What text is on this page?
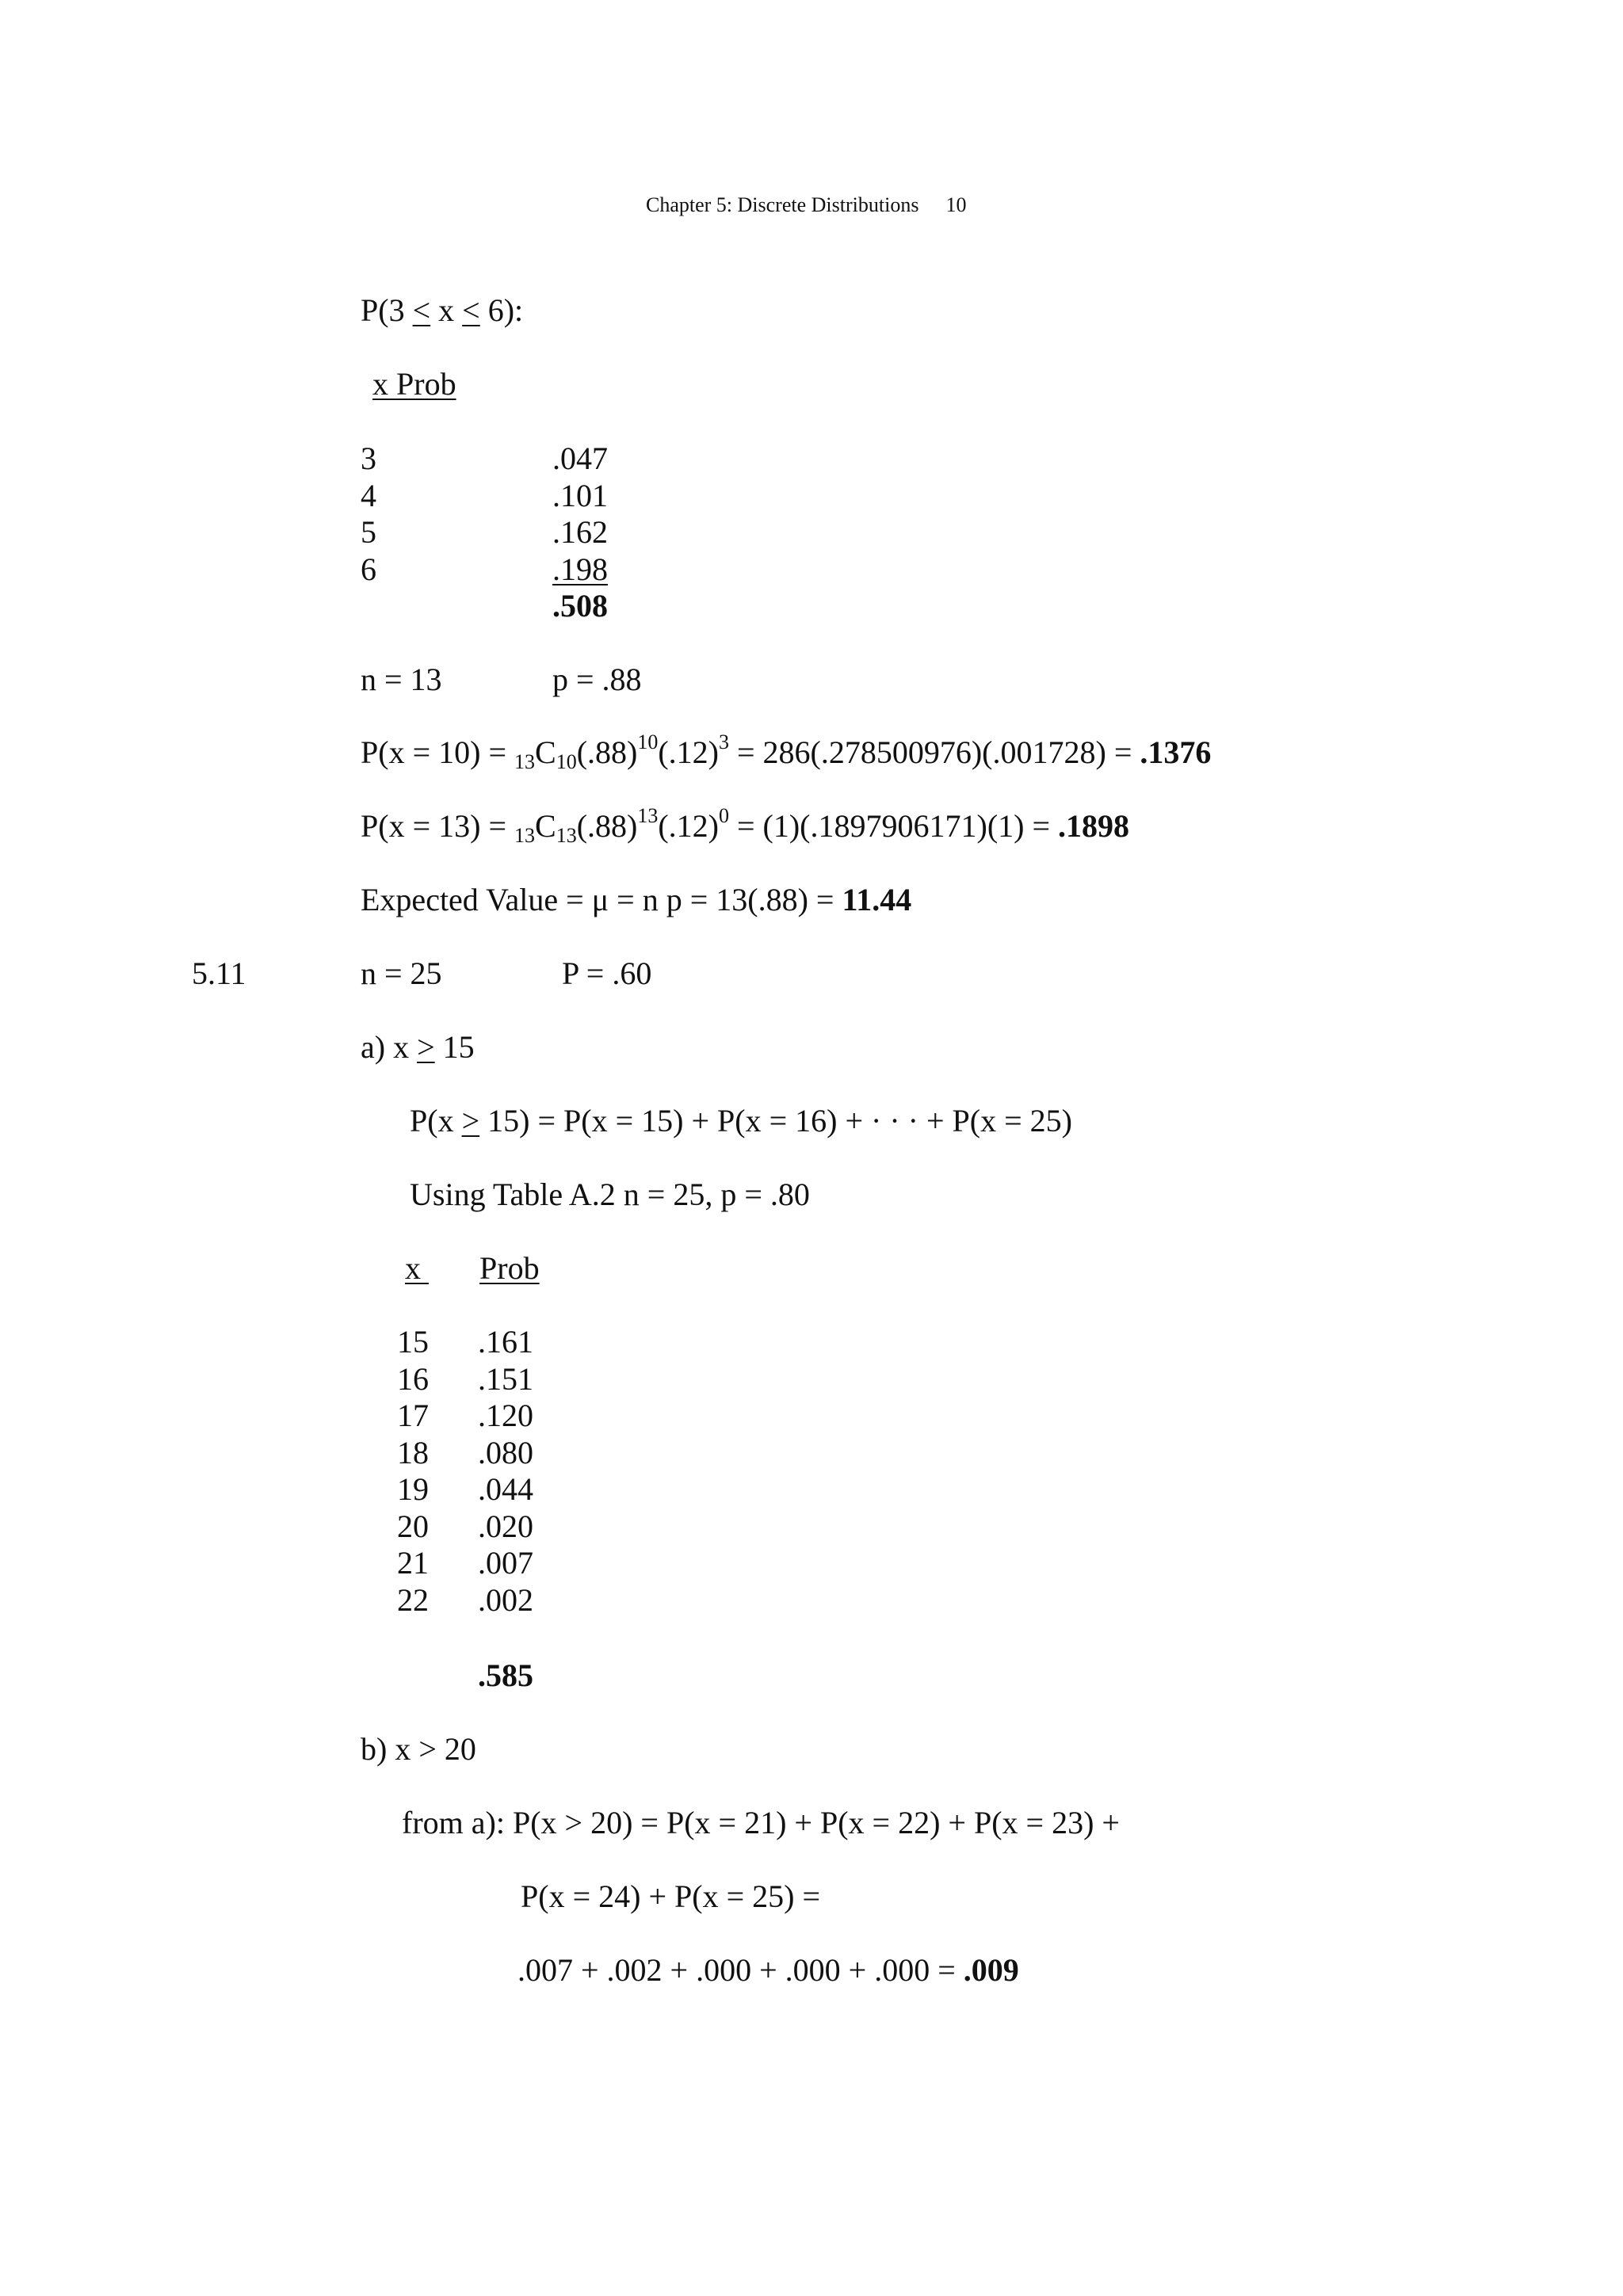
Chapter 5: Discrete Distributions 10
P(3 < x < 6):
x Prob
3	.047
4	.101
5	.162
6	.198
.508
n = 13	p = .88
$P(x = 10) = _{13}C_{10}(.88)^{10}(.12)^3 = 286(.278500976)(.001728) = .1376$
$P(x = 13) = _{13}C_{13}(.88)^{13}(.12)^0 = (1)(.1897906171)(1) = .1898$
Expected Value = μ = n p = 13(.88) = 11.44
5.11	n = 25	P = .60
a) x > 15
P(x > 15) = P(x = 15) + P(x = 16) + · · · + P(x = 25)
Using Table A.2 n = 25, p = .80
x Prob
15 .161
16 .151
17 .120
18 .080
19 .044
20 .020
21 .007
22 .002
.585
b) x > 20
from a): P(x > 20) = P(x = 21) + P(x = 22) + P(x = 23) +
P(x = 24) + P(x = 25) =
.007 + .002 + .000 + .000 + .000 = .009
